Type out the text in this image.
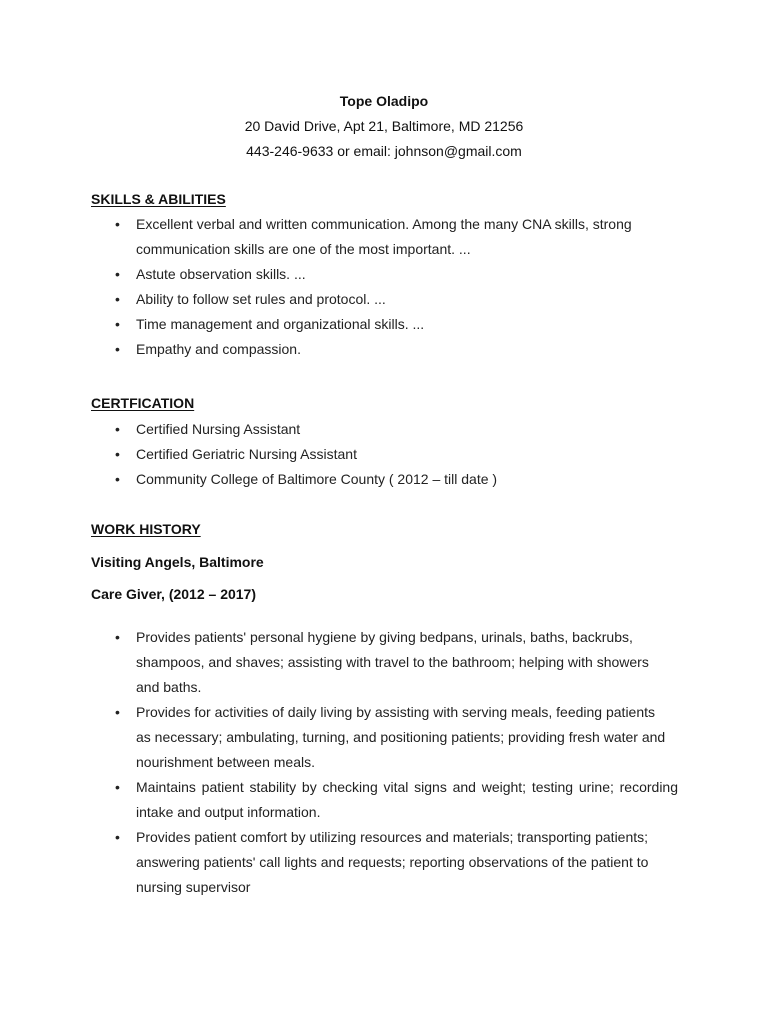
Tope Oladipo
20 David Drive, Apt 21, Baltimore, MD 21256
443-246-9633 or email: johnson@gmail.com
SKILLS & ABILITIES
• Excellent verbal and written communication. Among the many CNA skills, strong communication skills are one of the most important. ...
• Astute observation skills. ...
• Ability to follow set rules and protocol. ...
• Time management and organizational skills. ...
• Empathy and compassion.
CERTFICATION
• Certified Nursing Assistant
• Certified Geriatric Nursing Assistant
• Community College of Baltimore County ( 2012 – till date )
WORK HISTORY
Visiting Angels, Baltimore
Care Giver, (2012 – 2017)
• Provides patients' personal hygiene by giving bedpans, urinals, baths, backrubs, shampoos, and shaves; assisting with travel to the bathroom; helping with showers and baths.
• Provides for activities of daily living by assisting with serving meals, feeding patients as necessary; ambulating, turning, and positioning patients; providing fresh water and nourishment between meals.
• Maintains patient stability by checking vital signs and weight; testing urine; recording intake and output information.
• Provides patient comfort by utilizing resources and materials; transporting patients; answering patients' call lights and requests; reporting observations of the patient to nursing supervisor
